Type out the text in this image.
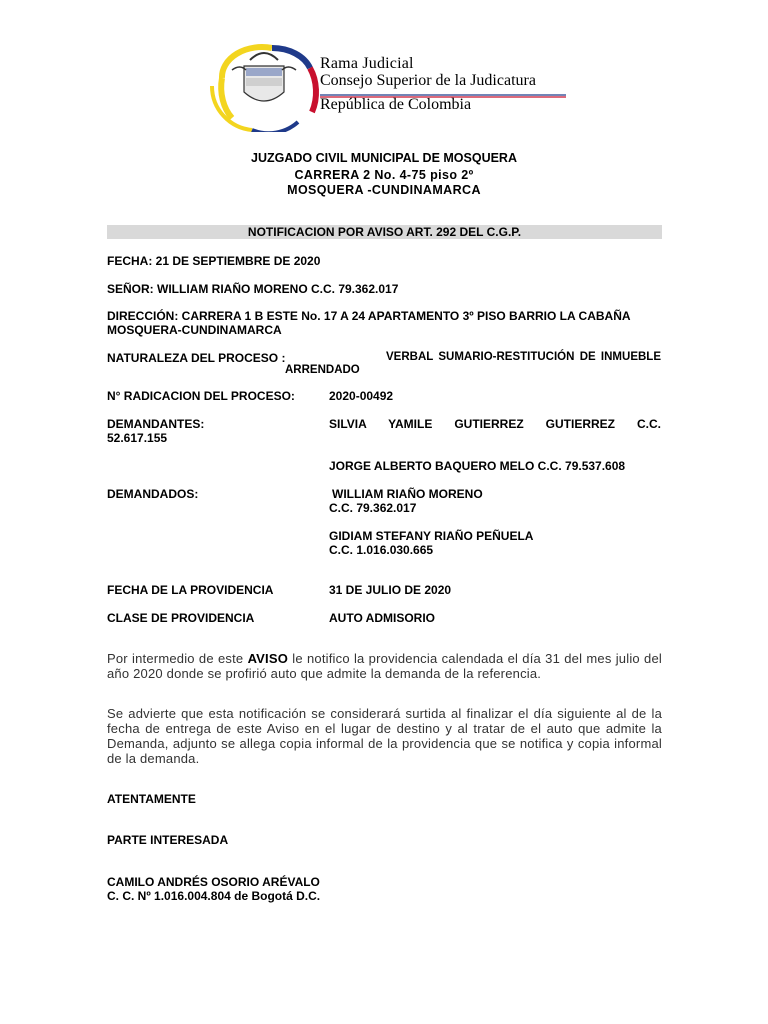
Rama Judicial
Consejo Superior de la Judicatura
República de Colombia
JUZGADO CIVIL MUNICIPAL DE MOSQUERA
CARRERA 2 No. 4-75 piso 2º
MOSQUERA -CUNDINAMARCA
NOTIFICACION POR AVISO ART. 292 DEL C.G.P.
FECHA: 21 DE SEPTIEMBRE DE 2020
SEÑOR: WILLIAM RIAÑO MORENO C.C. 79.362.017
DIRECCIÓN: CARRERA 1 B ESTE No. 17 A 24 APARTAMENTO 3º PISO BARRIO LA CABAÑA
MOSQUERA-CUNDINAMARCA
NATURALEZA DEL PROCESO :	VERBAL SUMARIO-RESTITUCIÓN DE INMUEBLE
ARRENDADO
N° RADICACION DEL PROCESO:	2020-00492
DEMANDANTES:	SILVIA YAMILE GUTIERREZ GUTIERREZ C.C.
52.617.155
JORGE ALBERTO BAQUERO MELO C.C. 79.537.608
DEMANDADOS:	WILLIAM RIAÑO MORENO
C.C. 79.362.017
GIDIAM STEFANY RIAÑO PEÑUELA
C.C. 1.016.030.665
FECHA DE LA PROVIDENCIA	31 DE JULIO DE 2020
CLASE DE PROVIDENCIA	AUTO ADMISORIO
Por intermedio de este AVISO le notifico la providencia calendada el día 31 del mes julio del año 2020 donde se profirió auto que admite la demanda de la referencia.
Se advierte que esta notificación se considerará surtida al finalizar el día siguiente al de la fecha de entrega de este Aviso en el lugar de destino y al tratar de el auto que admite la Demanda, adjunto se allega copia informal de la providencia que se notifica y copia informal de la demanda.
ATENTAMENTE
PARTE INTERESADA
CAMILO ANDRÉS OSORIO ARÉVALO
C. C. Nº 1.016.004.804 de Bogotá D.C.
